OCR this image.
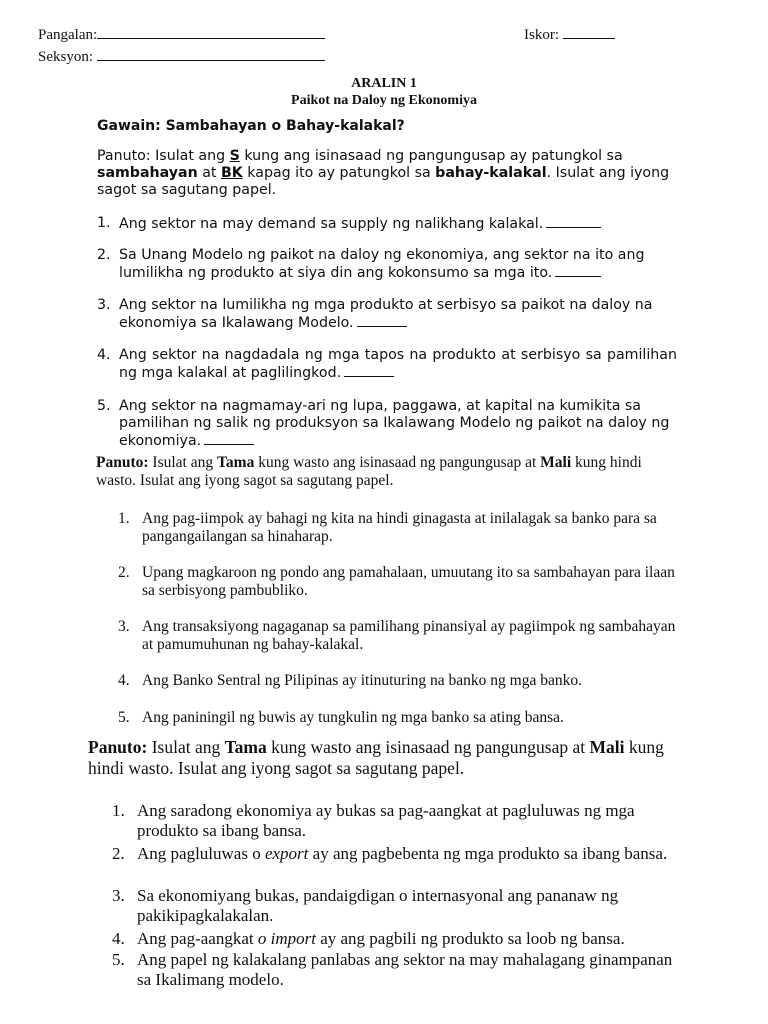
Pangalan:	Iskor:
Seksyon:
ARALIN 1
Paikot na Daloy ng Ekonomiya
Gawain: Sambahayan o Bahay-kalakal?
Panuto: Isulat ang S kung ang isinasaad ng pangungusap ay patungkol sa sambahayan at BK kapag ito ay patungkol sa bahay-kalakal. Isulat ang iyong sagot sa sagutang papel.
1. Ang sektor na may demand sa supply ng nalikhang kalakal.
2. Sa Unang Modelo ng paikot na daloy ng ekonomiya, ang sektor na ito ang lumilikha ng produkto at siya din ang kokonsumo sa mga ito.
3. Ang sektor na lumilikha ng mga produkto at serbisyo sa paikot na daloy na ekonomiya sa Ikalawang Modelo.
4. Ang sektor na nagdadala ng mga tapos na produkto at serbisyo sa pamilihan ng mga kalakal at paglilingkod.
5. Ang sektor na nagmamay-ari ng lupa, paggawa, at kapital na kumikita sa pamilihan ng salik ng produksyon sa Ikalawang Modelo ng paikot na daloy ng ekonomiya.
Panuto: Isulat ang Tama kung wasto ang isinasaad ng pangungusap at Mali kung hindi wasto. Isulat ang iyong sagot sa sagutang papel.
1. Ang pag-iimpok ay bahagi ng kita na hindi ginagasta at inilalagak sa banko para sa pangangailangan sa hinaharap.
2. Upang magkaroon ng pondo ang pamahalaan, umuutang ito sa sambahayan para ilaan sa serbisyong pambubliko.
3. Ang transaksiyong nagaganap sa pamilihang pinansiyal ay pagiimpok ng sambahayan at pamumuhunan ng bahay-kalakal.
4. Ang Banko Sentral ng Pilipinas ay itinuturing na banko ng mga banko.
5. Ang paniningil ng buwis ay tungkulin ng mga banko sa ating bansa.
Panuto: Isulat ang Tama kung wasto ang isinasaad ng pangungusap at Mali kung hindi wasto. Isulat ang iyong sagot sa sagutang papel.
1. Ang saradong ekonomiya ay bukas sa pag-aangkat at pagluluwas ng mga produkto sa ibang bansa.
2. Ang pagluluwas o export ay ang pagbebenta ng mga produkto sa ibang bansa.
3. Sa ekonomiyang bukas, pandaigdigan o internasyonal ang pananaw ng pakikipagkalakalan.
4. Ang pag-aangkat o import ay ang pagbili ng produkto sa loob ng bansa.
5. Ang papel ng kalakalang panlabas ang sektor na may mahalagang ginampanan sa Ikalimang modelo.
